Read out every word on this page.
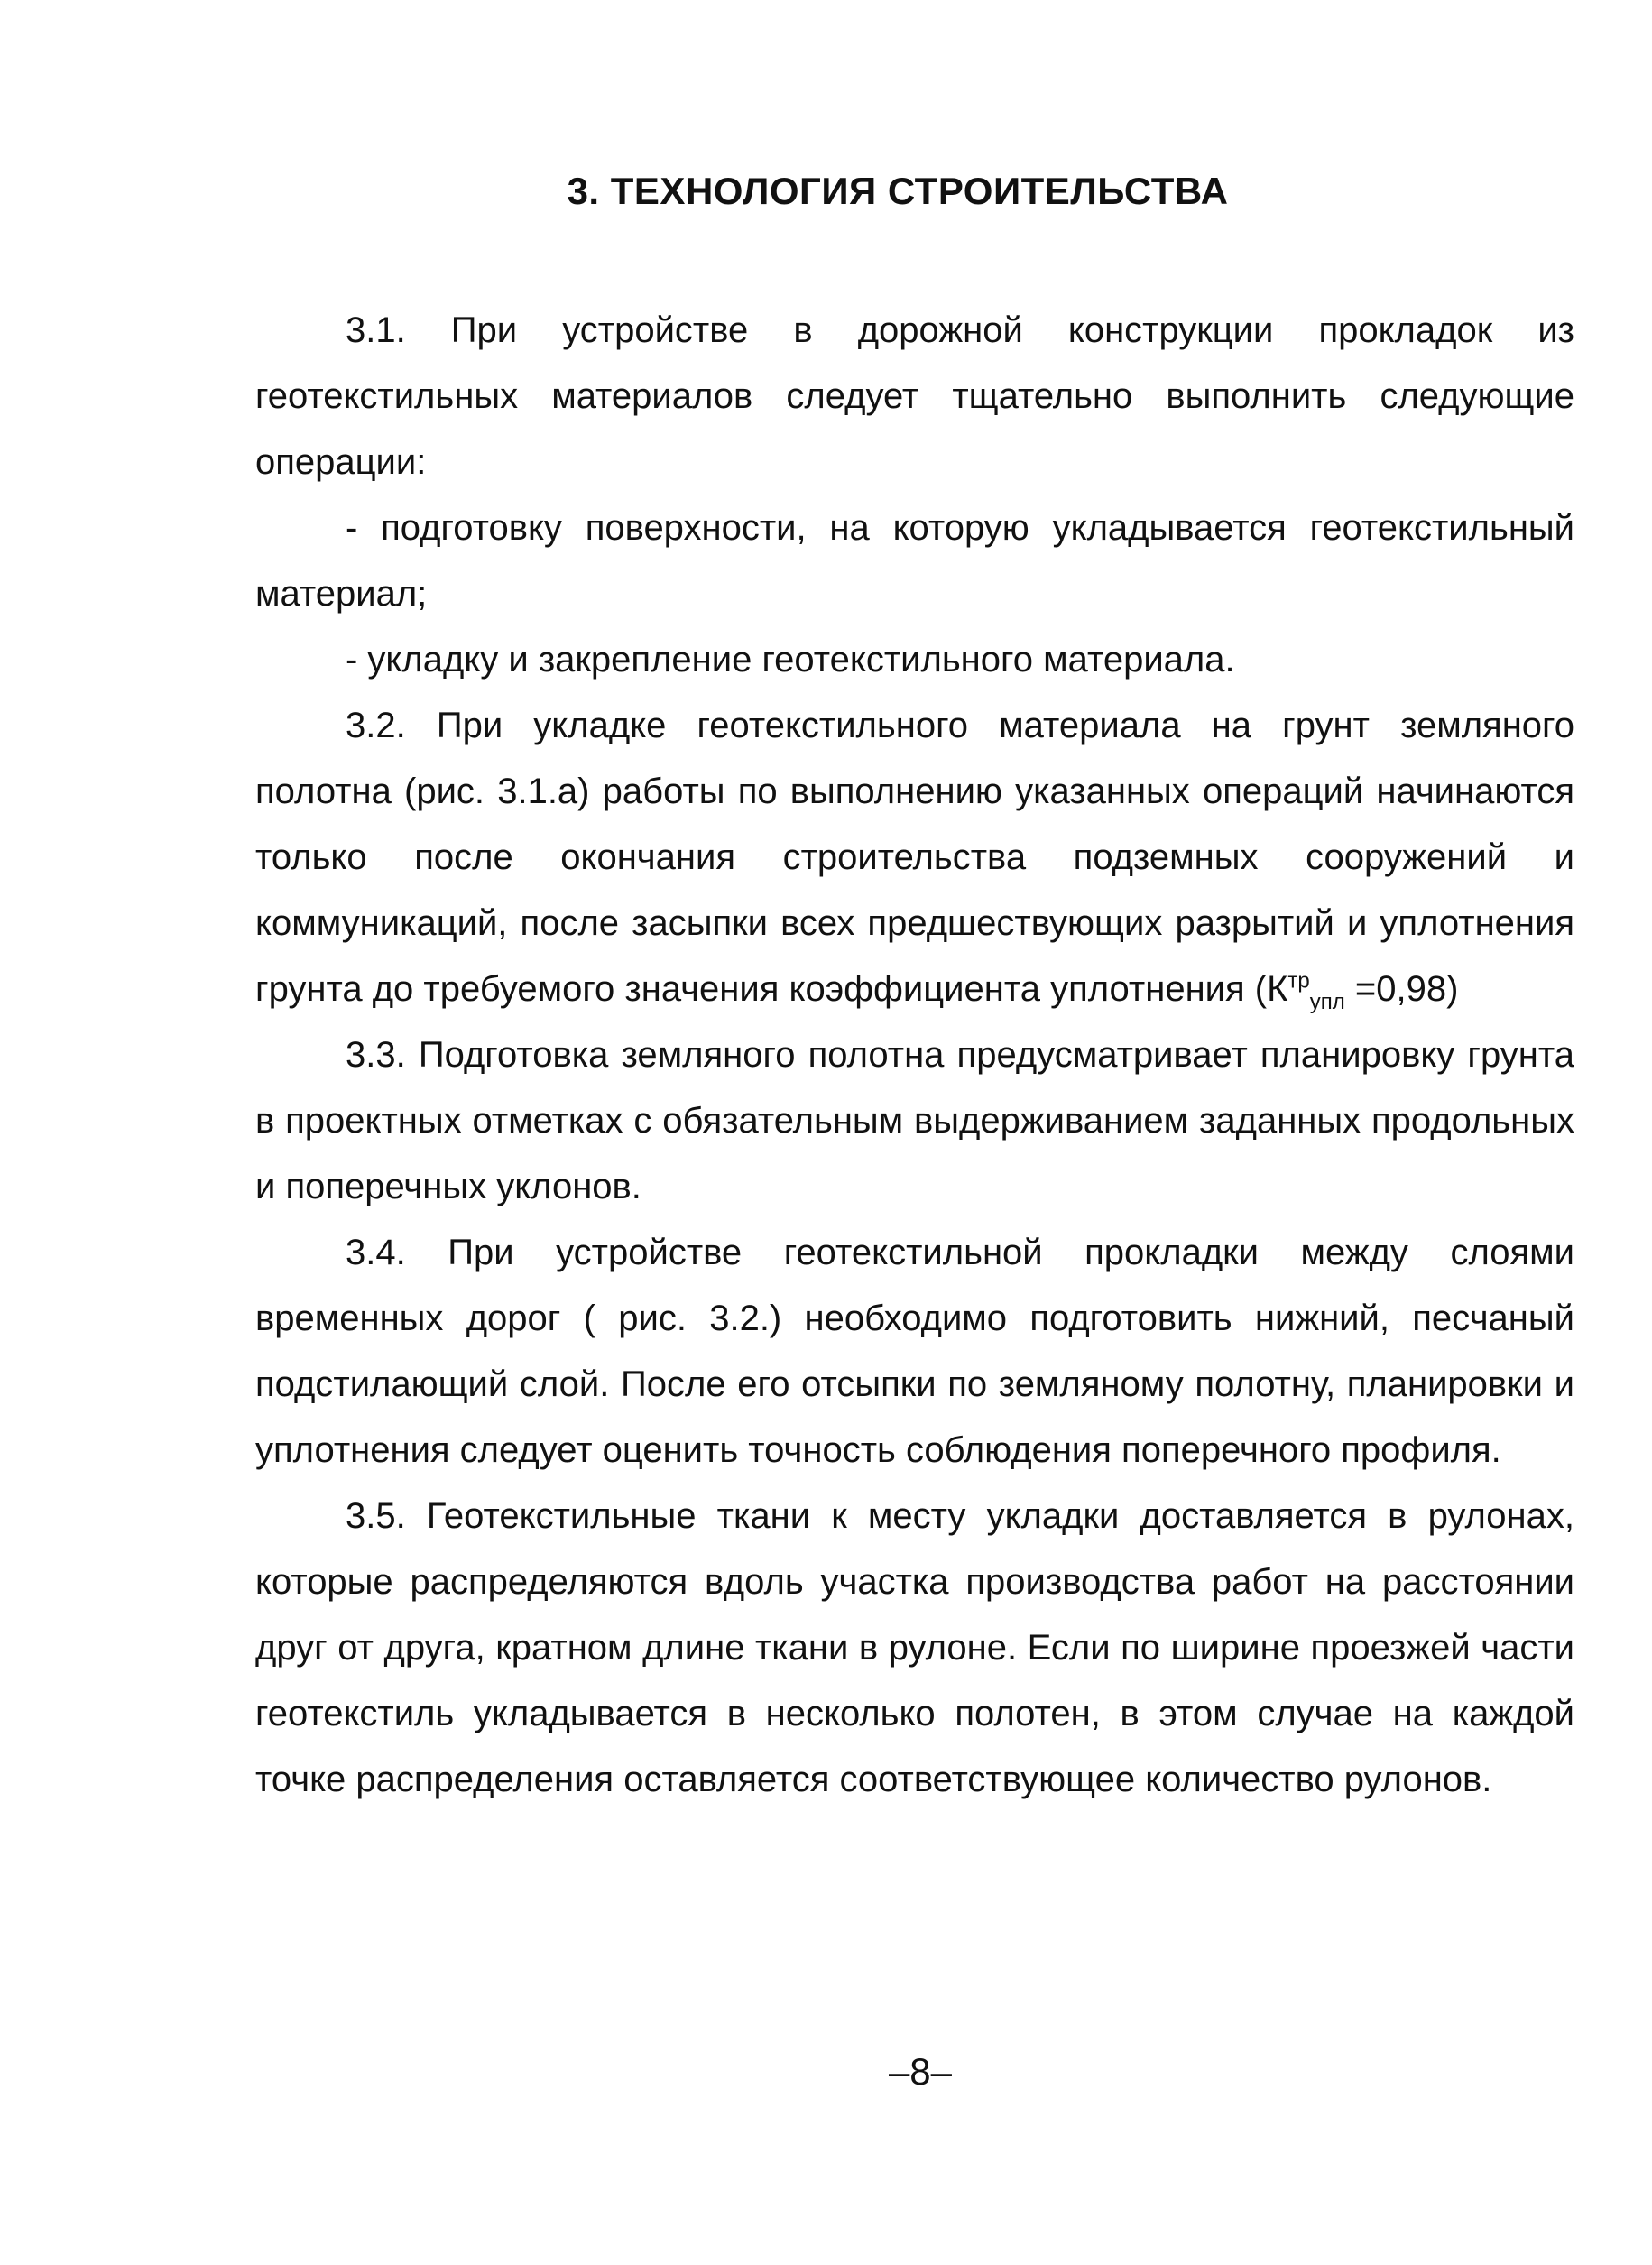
3. ТЕХНОЛОГИЯ СТРОИТЕЛЬСТВА

3.1. При устройстве в дорожной конструкции прокладок из геотекстильных материалов следует тщательно выполнить следующие операции:

- подготовку поверхности, на которую укладывается геотекстильный материал;

- укладку и закрепление геотекстильного материала.

3.2. При укладке геотекстильного материала на грунт земляного полотна (рис. 3.1.а) работы по выполнению указанных операций начинаются только после окончания строительства подземных сооружений и коммуникаций, после засыпки всех предшествующих разрытий и уплотнения грунта до требуемого значения коэффициента уплотнения $(К^{тр}_{упл} =0,98)$

3.3. Подготовка земляного полотна предусматривает планировку грунта в проектных отметках с обязательным выдерживанием заданных продольных и поперечных уклонов.

3.4. При устройстве геотекстильной прокладки между слоями временных дорог ( рис. 3.2.) необходимо подготовить нижний, песчаный подстилающий слой. После его отсыпки по земляному полотну, планировки и уплотнения следует оценить точность соблюдения поперечного профиля.

3.5. Геотекстильные ткани к месту укладки доставляется в рулонах, которые распределяются вдоль участка производства работ на расстоянии друг от друга, кратном длине ткани в рулоне. Если по ширине проезжей части геотекстиль укладывается в несколько полотен, в этом случае на каждой точке распределения оставляется соответствующее количество рулонов.

–8–
